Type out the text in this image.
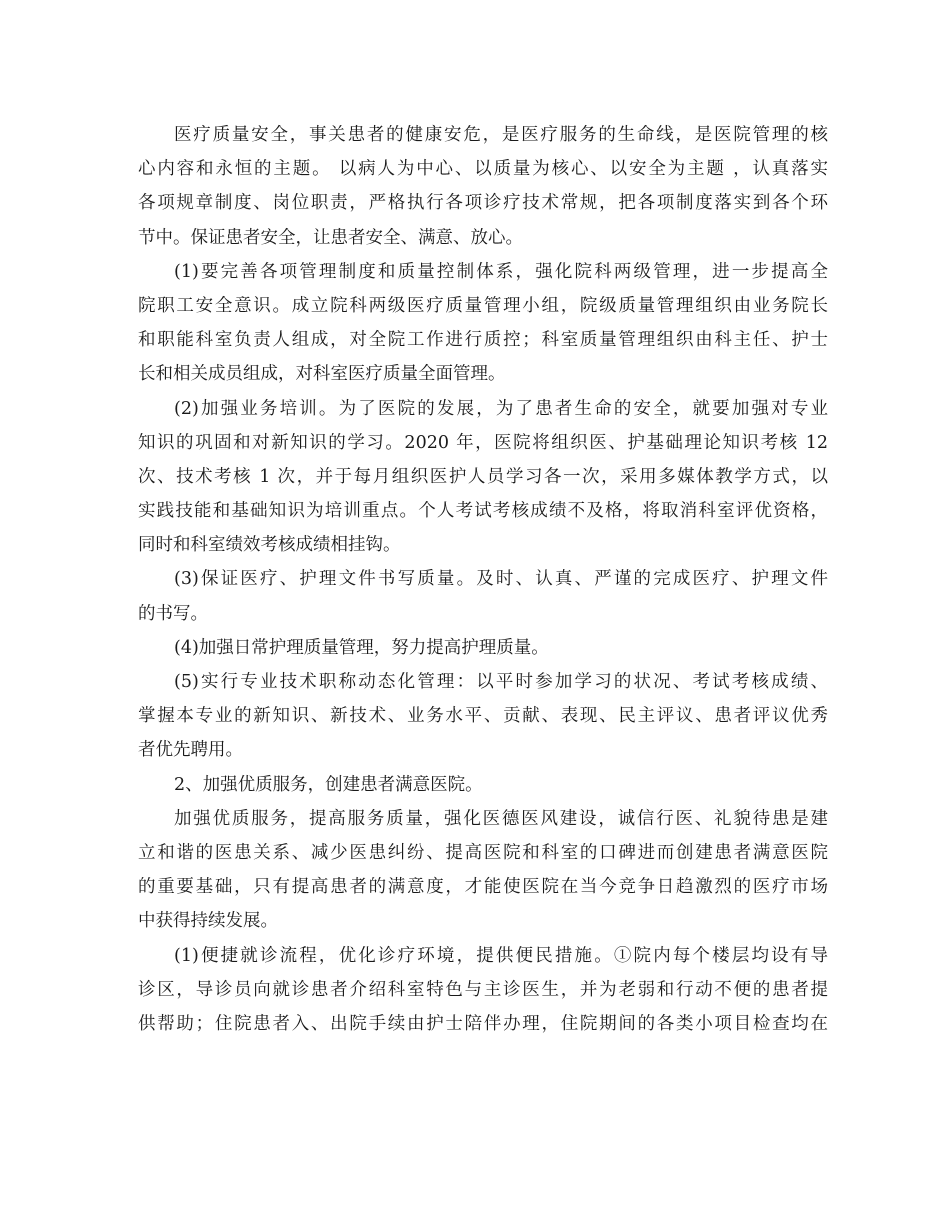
医疗质量安全，事关患者的健康安危，是医疗服务的生命线，是医院管理的核
心内容和永恒的主题。 以病人为中心、以质量为核心、以安全为主题 ，认真落实
各项规章制度、岗位职责，严格执行各项诊疗技术常规，把各项制度落实到各个环
节中。保证患者安全，让患者安全、满意、放心。
(1)要完善各项管理制度和质量控制体系，强化院科两级管理，进一步提高全
院职工安全意识。成立院科两级医疗质量管理小组，院级质量管理组织由业务院长
和职能科室负责人组成，对全院工作进行质控；科室质量管理组织由科主任、护士
长和相关成员组成，对科室医疗质量全面管理。
(2)加强业务培训。为了医院的发展，为了患者生命的安全，就要加强对专业
知识的巩固和对新知识的学习。2020 年，医院将组织医、护基础理论知识考核 12
次、技术考核 1 次，并于每月组织医护人员学习各一次，采用多媒体教学方式，以
实践技能和基础知识为培训重点。个人考试考核成绩不及格，将取消科室评优资格，
同时和科室绩效考核成绩相挂钩。
(3)保证医疗、护理文件书写质量。及时、认真、严谨的完成医疗、护理文件
的书写。
(4)加强日常护理质量管理，努力提高护理质量。
(5)实行专业技术职称动态化管理：以平时参加学习的状况、考试考核成绩、
掌握本专业的新知识、新技术、业务水平、贡献、表现、民主评议、患者评议优秀
者优先聘用。
2、加强优质服务，创建患者满意医院。
加强优质服务，提高服务质量，强化医德医风建设，诚信行医、礼貌待患是建
立和谐的医患关系、减少医患纠纷、提高医院和科室的口碑进而创建患者满意医院
的重要基础，只有提高患者的满意度，才能使医院在当今竞争日趋激烈的医疗市场
中获得持续发展。
(1)便捷就诊流程，优化诊疗环境，提供便民措施。①院内每个楼层均设有导
诊区，导诊员向就诊患者介绍科室特色与主诊医生，并为老弱和行动不便的患者提
供帮助；住院患者入、出院手续由护士陪伴办理，住院期间的各类小项目检查均在
